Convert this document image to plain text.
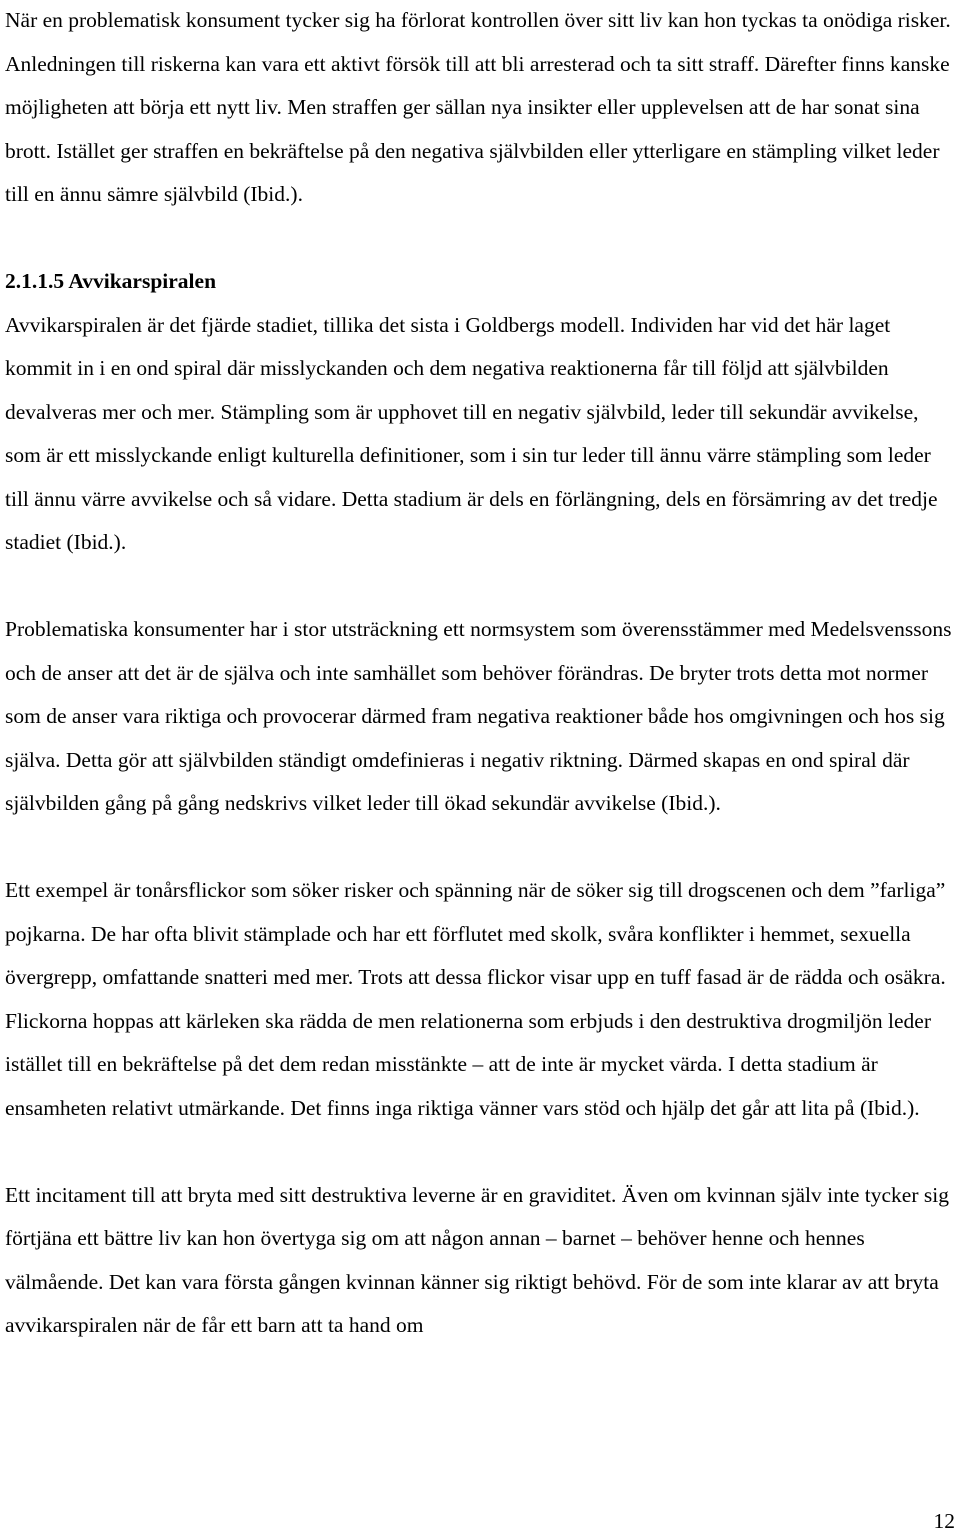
När en problematisk konsument tycker sig ha förlorat kontrollen över sitt liv kan hon tyckas ta onödiga risker. Anledningen till riskerna kan vara ett aktivt försök till att bli arresterad och ta sitt straff. Därefter finns kanske möjligheten att börja ett nytt liv. Men straffen ger sällan nya insikter eller upplevelsen att de har sonat sina brott. Istället ger straffen en bekräftelse på den negativa självbilden eller ytterligare en stämpling vilket leder till en ännu sämre självbild (Ibid.).

2.1.1.5 Avvikarspiralen

Avvikarspiralen är det fjärde stadiet, tillika det sista i Goldbergs modell. Individen har vid det här laget kommit in i en ond spiral där misslyckanden och dem negativa reaktionerna får till följd att självbilden devalveras mer och mer. Stämpling som är upphovet till en negativ självbild, leder till sekundär avvikelse, som är ett misslyckande enligt kulturella definitioner, som i sin tur leder till ännu värre stämpling som leder till ännu värre avvikelse och så vidare. Detta stadium är dels en förlängning, dels en försämring av det tredje stadiet (Ibid.).

Problematiska konsumenter har i stor utsträckning ett normsystem som överensstämmer med Medelsvenssons och de anser att det är de själva och inte samhället som behöver förändras. De bryter trots detta mot normer som de anser vara riktiga och provocerar därmed fram negativa reaktioner både hos omgivningen och hos sig själva. Detta gör att självbilden ständigt omdefinieras i negativ riktning. Därmed skapas en ond spiral där självbilden gång på gång nedskrivs vilket leder till ökad sekundär avvikelse (Ibid.).

Ett exempel är tonårsflickor som söker risker och spänning när de söker sig till drogscenen och dem ”farliga” pojkarna. De har ofta blivit stämplade och har ett förflutet med skolk, svåra konflikter i hemmet, sexuella övergrepp, omfattande snatteri med mer. Trots att dessa flickor visar upp en tuff fasad är de rädda och osäkra. Flickorna hoppas att kärleken ska rädda de men relationerna som erbjuds i den destruktiva drogmiljön leder istället till en bekräftelse på det dem redan misstänkte – att de inte är mycket värda. I detta stadium är ensamheten relativt utmärkande. Det finns inga riktiga vänner vars stöd och hjälp det går att lita på (Ibid.).

Ett incitament till att bryta med sitt destruktiva leverne är en graviditet. Även om kvinnan själv inte tycker sig förtjäna ett bättre liv kan hon övertyga sig om att någon annan – barnet – behöver henne och hennes välmående. Det kan vara första gången kvinnan känner sig riktigt behövd. För de som inte klarar av att bryta avvikarspiralen när de får ett barn att ta hand om

12
